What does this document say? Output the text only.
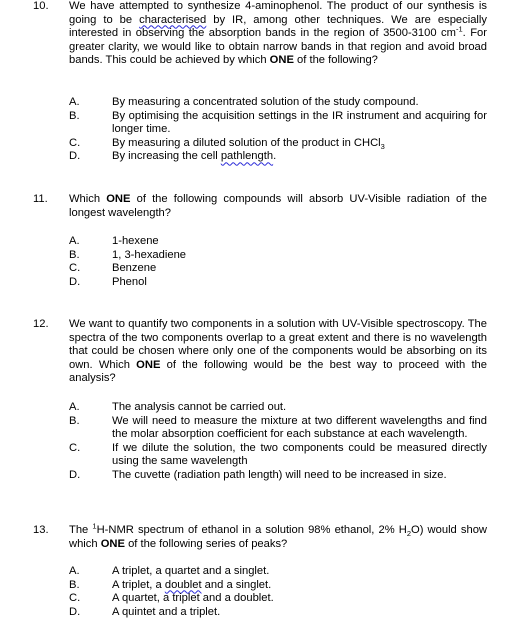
10. We have attempted to synthesize 4-aminophenol. The product of our synthesis is going to be characterised by IR, among other techniques. We are especially interested in observing the absorption bands in the region of 3500-3100 $cm^{-1}$. For greater clarity, we would like to obtain narrow bands in that region and avoid broad bands. This could be achieved by which ONE of the following?
A.	By measuring a concentrated solution of the study compound.
B.	By optimising the acquisition settings in the IR instrument and acquiring for longer time.
C.	By measuring a diluted solution of the product in CHCl$_3$
D.	By increasing the cell pathlength.
11. Which ONE of the following compounds will absorb UV-Visible radiation of the longest wavelength?
A.	1-hexene
B.	1, 3-hexadiene
C.	Benzene
D.	Phenol
12. We want to quantify two components in a solution with UV-Visible spectroscopy. The spectra of the two components overlap to a great extent and there is no wavelength that could be chosen where only one of the components would be absorbing on its own. Which ONE of the following would be the best way to proceed with the analysis?
A.	The analysis cannot be carried out.
B.	We will need to measure the mixture at two different wavelengths and find the molar absorption coefficient for each substance at each wavelength.
C.	If we dilute the solution, the two components could be measured directly using the same wavelength
D.	The cuvette (radiation path length) will need to be increased in size.
13. The $^1$H-NMR spectrum of ethanol in a solution 98% ethanol, 2% $H_2O$) would show which ONE of the following series of peaks?
A.	A triplet, a quartet and a singlet.
B.	A triplet, a doublet and a singlet.
C.	A quartet, a triplet and a doublet.
D.	A quintet and a triplet.
